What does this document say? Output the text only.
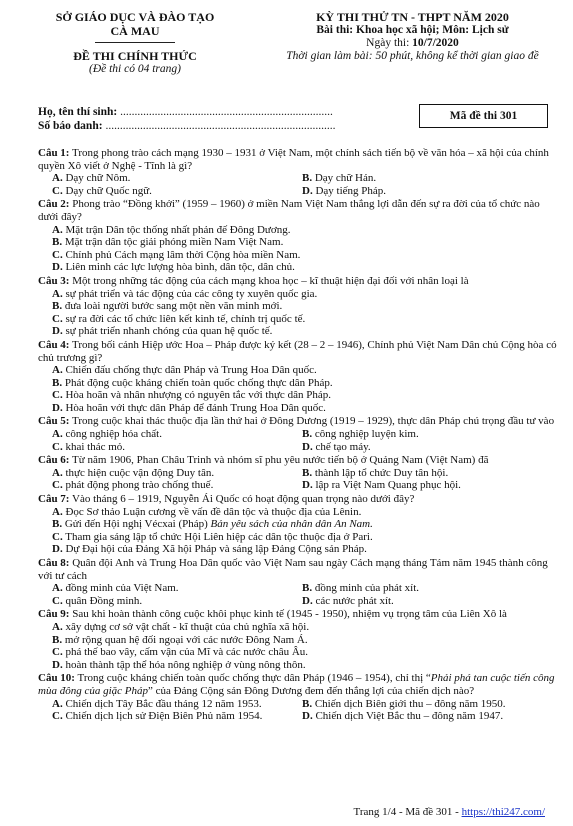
SỞ GIÁO DỤC VÀ ĐÀO TẠO
CÀ MAU
ĐỀ THI CHÍNH THỨC
(Đề thi có 04 trang)
KỲ THI THỬ TN - THPT NĂM 2020
Bài thi: Khoa học xã hội; Môn: Lịch sử
Ngày thi: 10/7/2020
Thời gian làm bài: 50 phút, không kể thời gian giao đề
Họ, tên thí sinh: ..........................................................................
Số báo danh: ................................................................................
Mã đề thi 301
Câu 1: Trong phong trào cách mạng 1930 – 1931 ở Việt Nam, một chính sách tiến bộ về văn hóa – xã hội của chính quyền Xô viết ở Nghệ - Tĩnh là gì?
A. Dạy chữ Nôm.	B. Dạy chữ Hán.
C. Dạy chữ Quốc ngữ.	D. Dạy tiếng Pháp.
Câu 2: Phong trào “Đồng khởi” (1959 – 1960) ở miền Nam Việt Nam thắng lợi dẫn đến sự ra đời của tổ chức nào dưới đây?
A. Mặt trận Dân tộc thống nhất phản đế Đông Dương.
B. Mặt trận dân tộc giải phóng miền Nam Việt Nam.
C. Chính phủ Cách mạng lâm thời Cộng hòa miền Nam.
D. Liên minh các lực lượng hòa bình, dân tộc, dân chủ.
Câu 3: Một trong những tác động của cách mạng khoa học – kĩ thuật hiện đại đối với nhân loại là
A. sự phát triển và tác động của các công ty xuyên quốc gia.
B. đưa loài người bước sang một nền văn minh mới.
C. sự ra đời các tổ chức liên kết kinh tế, chính trị quốc tế.
D. sự phát triển nhanh chóng của quan hệ quốc tế.
Câu 4: Trong bối cảnh Hiệp ước Hoa – Pháp được ký kết (28 – 2 – 1946), Chính phủ Việt Nam Dân chủ Cộng hòa có chủ trương gì?
A. Chiến đấu chống thực dân Pháp và Trung Hoa Dân quốc.
B. Phát động cuộc kháng chiến toàn quốc chống thực dân Pháp.
C. Hòa hoãn và nhân nhượng có nguyên tắc với thực dân Pháp.
D. Hòa hoãn với thực dân Pháp để đánh Trung Hoa Dân quốc.
Câu 5: Trong cuộc khai thác thuộc địa lần thứ hai ở Đông Dương (1919 – 1929), thực dân Pháp chú trọng đầu tư vào
A. công nghiệp hóa chất.	B. công nghiệp luyện kim.
C. khai thác mỏ.	D. chế tạo máy.
Câu 6: Từ năm 1906, Phan Châu Trinh và nhóm sĩ phu yêu nước tiến bộ ở Quảng Nam (Việt Nam) đã
A. thực hiện cuộc vận động Duy tân.	B. thành lập tổ chức Duy tân hội.
C. phát động phong trào chống thuế.	D. lập ra Việt Nam Quang phục hội.
Câu 7: Vào tháng 6 – 1919, Nguyễn Ái Quốc có hoạt động quan trọng nào dưới đây?
A. Đọc Sơ thảo Luận cương về vấn đề dân tộc và thuộc địa của Lênin.
B. Gửi đến Hội nghị Vécxai (Pháp) Bản yêu sách của nhân dân An Nam.
C. Tham gia sáng lập tổ chức Hội Liên hiệp các dân tộc thuộc địa ở Pari.
D. Dự Đại hội của Đảng Xã hội Pháp và sáng lập Đảng Cộng sản Pháp.
Câu 8: Quân đội Anh và Trung Hoa Dân quốc vào Việt Nam sau ngày Cách mạng tháng Tám năm 1945 thành công với tư cách
A. đồng minh của Việt Nam.	B. đồng minh của phát xít.
C. quân Đồng minh.	D. các nước phát xít.
Câu 9: Sau khi hoàn thành công cuộc khôi phục kinh tế (1945 - 1950), nhiệm vụ trọng tâm của Liên Xô là
A. xây dựng cơ sở vật chất - kĩ thuật của chủ nghĩa xã hội.
B. mở rộng quan hệ đối ngoại với các nước Đông Nam Á.
C. phá thế bao vây, cấm vận của Mĩ và các nước châu Âu.
D. hoàn thành tập thể hóa nông nghiệp ở vùng nông thôn.
Câu 10: Trong cuộc kháng chiến toàn quốc chống thực dân Pháp (1946 – 1954), chỉ thị “Phải phá tan cuộc tiến công mùa đông của giặc Pháp” của Đảng Cộng sản Đông Dương đem đến thắng lợi của chiến dịch nào?
A. Chiến dịch Tây Bắc đầu tháng 12 năm 1953.	B. Chiến dịch Biên giới thu – đông năm 1950.
C. Chiến dịch lịch sử Điện Biên Phủ năm 1954.	D. Chiến dịch Việt Bắc thu – đông năm 1947.
Trang 1/4 - Mã đề 301 - https://thi247.com/
